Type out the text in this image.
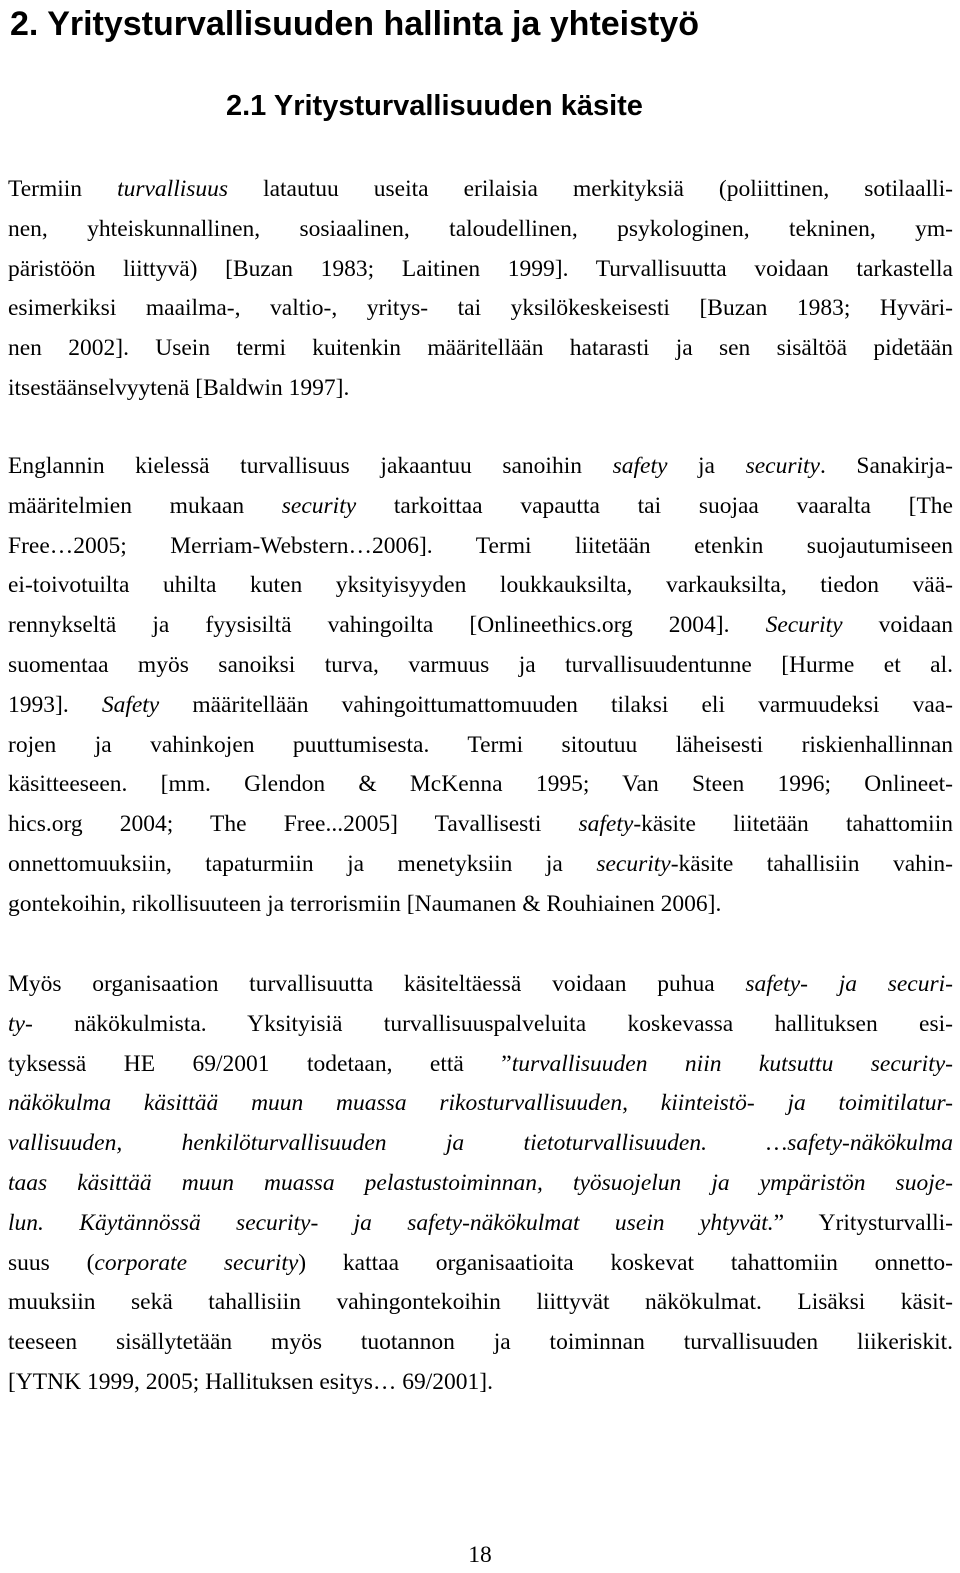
2. Yritysturvallisuuden hallinta ja yhteistyö
2.1 Yritysturvallisuuden käsite
Termiin turvallisuus latautuu useita erilaisia merkityksiä (poliittinen, sotilaalli-
nen, yhteiskunnallinen, sosiaalinen, taloudellinen, psykologinen, tekninen, ym-
päristöön liittyvä) [Buzan 1983; Laitinen 1999]. Turvallisuutta voidaan tarkastella
esimerkiksi maailma-, valtio-, yritys- tai yksilökeskeisesti [Buzan 1983; Hyväri-
nen 2002]. Usein termi kuitenkin määritellään hatarasti ja sen sisältöä pidetään
itsestäänselvyytenä [Baldwin 1997].
Englannin kielessä turvallisuus jakaantuu sanoihin safety ja security. Sanakirja-
määritelmien mukaan security tarkoittaa vapautta tai suojaa vaaralta [The
Free…2005; Merriam-Webstern…2006]. Termi liitetään etenkin suojautumiseen
ei-toivotuilta uhilta kuten yksityisyyden loukkauksilta, varkauksilta, tiedon vää-
rennykseltä ja fyysisiltä vahingoilta [Onlineethics.org 2004]. Security voidaan
suomentaa myös sanoiksi turva, varmuus ja turvallisuudentunne [Hurme et al.
1993]. Safety määritellään vahingoittumattomuuden tilaksi eli varmuudeksi vaa-
rojen ja vahinkojen puuttumisesta. Termi sitoutuu läheisesti riskienhallinnan
käsitteeseen. [mm. Glendon & McKenna 1995; Van Steen 1996; Onlineet-
hics.org 2004; The Free...2005] Tavallisesti safety-käsite liitetään tahattomiin
onnettomuuksiin, tapaturmiin ja menetyksiin ja security-käsite tahallisiin vahin-
gontekoihin, rikollisuuteen ja terrorismiin [Naumanen & Rouhiainen 2006].
Myös organisaation turvallisuutta käsiteltäessä voidaan puhua safety- ja securi-
ty- näkökulmista. Yksityisiä turvallisuuspalveluita koskevassa hallituksen esi-
tyksessä HE 69/2001 todetaan, että ”turvallisuuden niin kutsuttu security-
näkökulma käsittää muun muassa rikosturvallisuuden, kiinteistö- ja toimitilatur-
vallisuuden, henkilöturvallisuuden ja tietoturvallisuuden. …safety-näkökulma
taas käsittää muun muassa pelastustoiminnan, työsuojelun ja ympäristön suoje-
lun. Käytännössä security- ja safety-näkökulmat usein yhtyvät.” Yritysturvalli-
suus (corporate security) kattaa organisaatioita koskevat tahattomiin onnetto-
muuksiin sekä tahallisiin vahingontekoihin liittyvät näkökulmat. Lisäksi käsit-
teeseen sisällytetään myös tuotannon ja toiminnan turvallisuuden liikeriskit.
[YTNK 1999, 2005; Hallituksen esitys… 69/2001].
18
